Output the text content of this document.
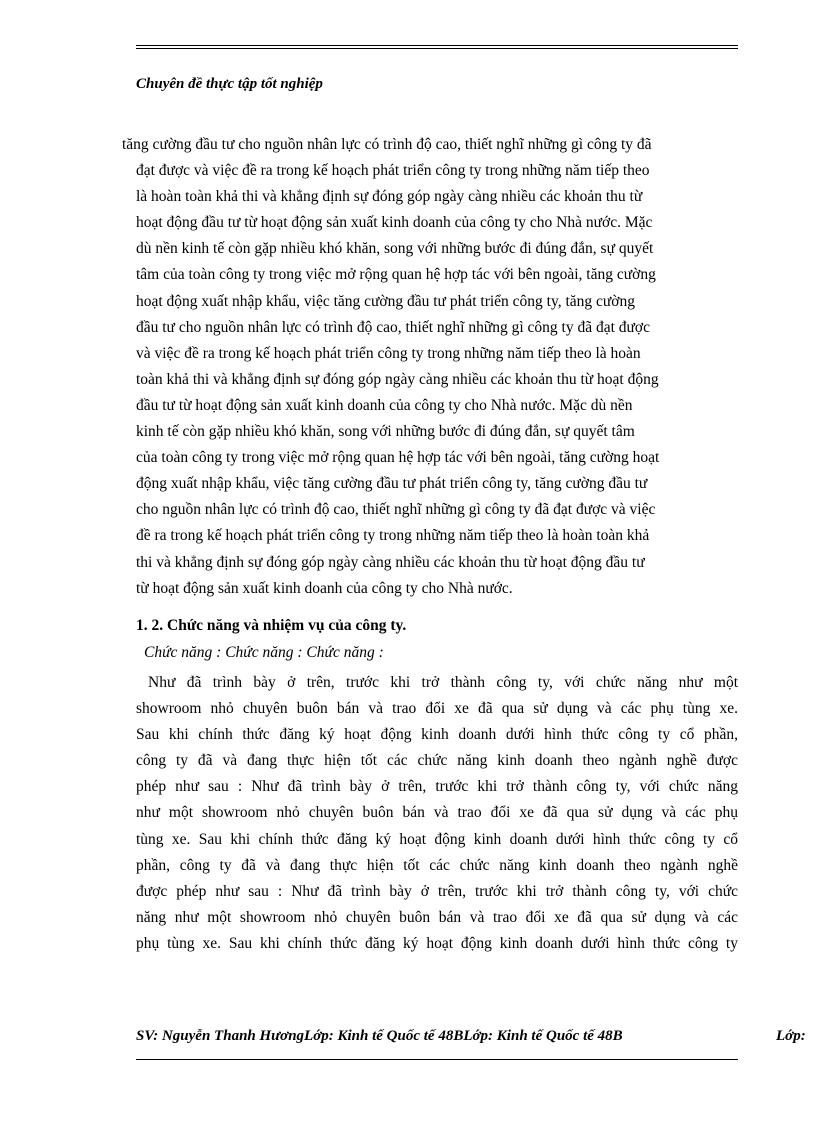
Chuyên đề thực tập tốt nghiệp
tăng cường đầu tư cho nguồn nhân lực có trình độ cao, thiết nghĩ những gì công ty đã
đạt được và việc đề ra trong kế hoạch phát triển công ty trong những năm tiếp theo
là hoàn toàn khả thi và khẳng định sự đóng góp ngày càng nhiều các khoản thu từ
hoạt động đầu tư từ hoạt động sản xuất kinh doanh của công ty cho Nhà nước. Mặc
dù nền kinh tế còn gặp nhiều khó khăn, song với những bước đi đúng đắn, sự quyết
tâm của toàn công ty trong việc mở rộng quan hệ hợp tác với bên ngoài, tăng cường
hoạt động xuất nhập khẩu, việc tăng cường đầu tư phát triển công ty, tăng cường
đầu tư cho nguồn nhân lực có trình độ cao, thiết nghĩ những gì công ty đã đạt được
và việc đề ra trong kế hoạch phát triển công ty trong những năm tiếp theo là hoàn
toàn khả thi và khẳng định sự đóng góp ngày càng nhiều các khoản thu từ hoạt động
đầu tư từ hoạt động sản xuất kinh doanh của công ty cho Nhà nước. Mặc dù nền
kinh tế còn gặp nhiều khó khăn, song với những bước đi đúng đắn, sự quyết tâm
của toàn công ty trong việc mở rộng quan hệ hợp tác với bên ngoài, tăng cường hoạt
động xuất nhập khẩu, việc tăng cường đầu tư phát triển công ty, tăng cường đầu tư
cho nguồn nhân lực có trình độ cao, thiết nghĩ những gì công ty đã đạt được và việc
đề ra trong kế hoạch phát triển công ty trong những năm tiếp theo là hoàn toàn khả
thi và khẳng định sự đóng góp ngày càng nhiều các khoản thu từ hoạt động đầu tư
từ hoạt động sản xuất kinh doanh của công ty cho Nhà nước.
1. 2. Chức năng và nhiệm vụ của công ty.
Chức năng : Chức năng : Chức năng :
Như đã trình bày ở trên, trước khi trở thành công ty, với chức năng như một
showroom nhỏ chuyên buôn bán và trao đổi xe đã qua sử dụng và các phụ tùng xe.
Sau khi chính thức đăng ký hoạt động kinh doanh dưới hình thức công ty cổ phần,
công ty đã và đang thực hiện tốt các chức năng kinh doanh theo ngành nghề được
phép như sau : Như đã trình bày ở trên, trước khi trở thành công ty, với chức năng
như một showroom nhỏ chuyên buôn bán và trao đổi xe đã qua sử dụng và các phụ
tùng xe. Sau khi chính thức đăng ký hoạt động kinh doanh dưới hình thức công ty cổ
phần, công ty đã và đang thực hiện tốt các chức năng kinh doanh theo ngành nghề
được phép như sau : Như đã trình bày ở trên, trước khi trở thành công ty, với chức
năng như một showroom nhỏ chuyên buôn bán và trao đổi xe đã qua sử dụng và các
phụ tùng xe. Sau khi chính thức đăng ký hoạt động kinh doanh dưới hình thức công ty
SV: Nguyễn Thanh HươngLớp: Kinh tế Quốc tế 48BLớp: Kinh tế Quốc tế 48B	Lớp:
